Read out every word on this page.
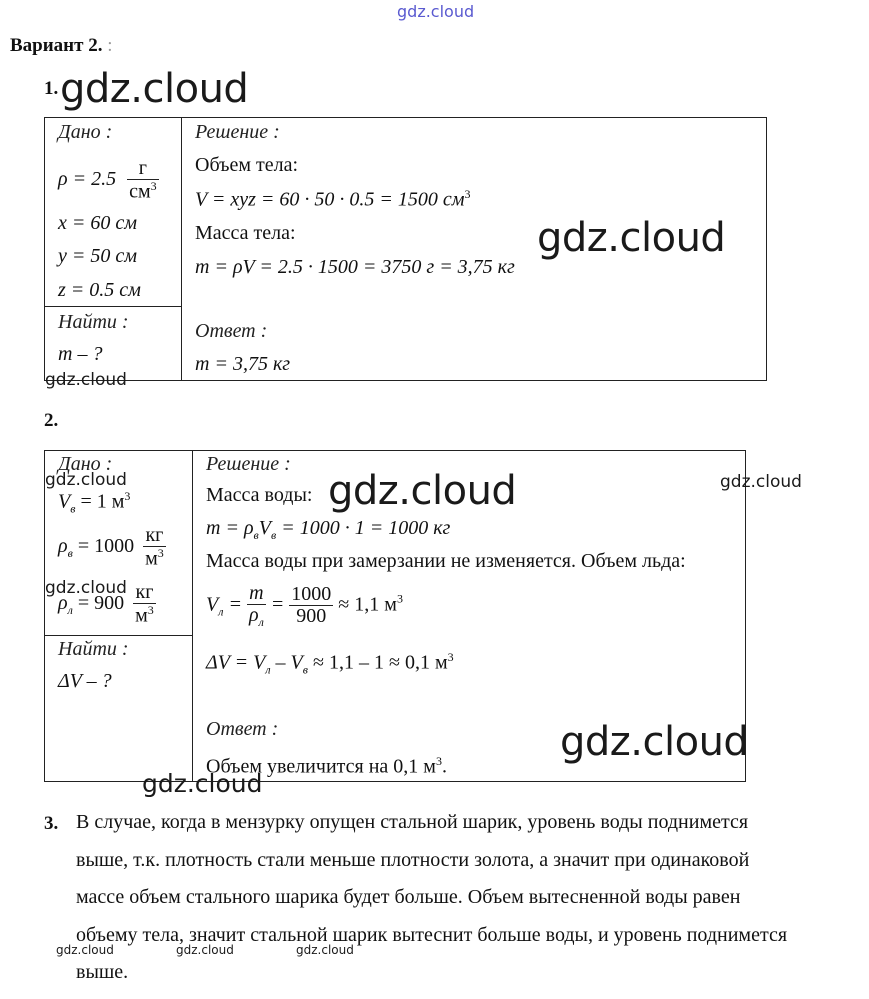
gdz.cloud
Вариант 2. :
1. gdz.cloud
Дано :
$\rho = 2.5 \frac{г}{см^3}$
x = 60 см
y = 50 см
z = 0.5 см
Найти :
m – ?
gdz.cloud
Решение :
Объем тела:
V = xyz = 60 · 50 · 0.5 = 1500 $см^3$
Масса тела:
m = ρV = 2.5 · 1500 = 3750 г = 3,75 кг
gdz.cloud
Ответ :
m = 3,75 кг
2.
Дано :
gdz.cloud
$V_в = 1$ $м^3$
$\rho_в = 1000 \frac{кг}{м^3}$
gdz.cloud
$\rho_л = 900 \frac{кг}{м^3}$
Найти :
ΔV – ?
Решение :
Масса воды: gdz.cloud	gdz.cloud
$m = \rho_вV_в = 1000 \cdot 1 = 1000$ кг
Масса воды при замерзании не изменяется. Объем льда:
$V_л = \frac{m}{\rho_л} = \frac{1000}{900} \approx 1,1$ $м^3$
$\Delta V = V_л - V_в \approx 1,1 - 1 \approx 0,1$ $м^3$
Ответ :	gdz.cloud
Объем увеличится на 0,1 $м^3$.
gdz.cloud
3. В случае, когда в мензурку опущен стальной шарик, уровень воды поднимется
выше, т.к. плотность стали меньше плотности золота, а значит при одинаковой
массе объем стального шарика будет больше. Объем вытесненной воды равен
объему тела, значит стальной шарик вытеснит больше воды, и уровень поднимется
выше.
gdz.cloud	gdz.cloud	gdz.cloud
